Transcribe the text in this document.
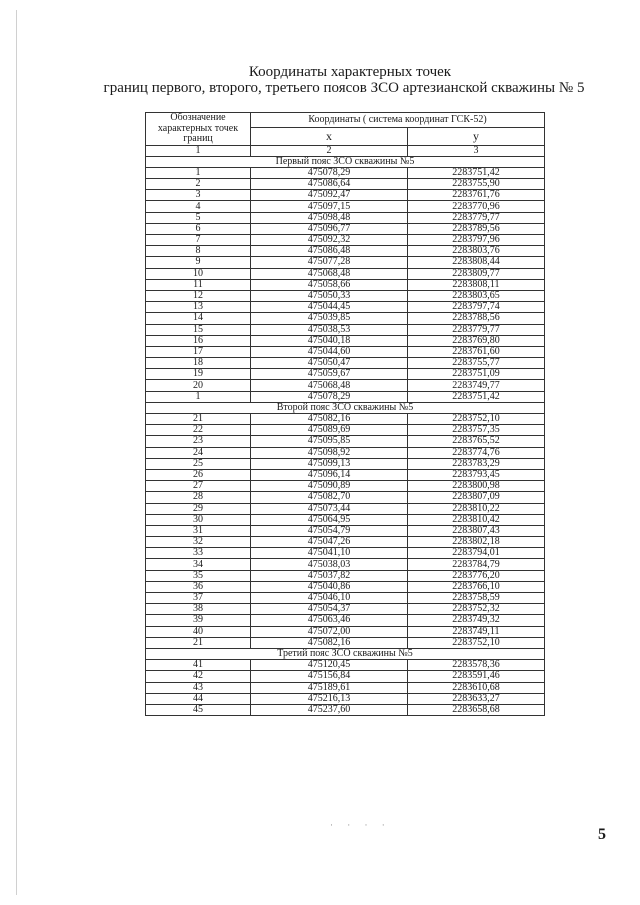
Координаты характерных точек
границ первого, второго, третьего поясов ЗСО артезианской скважины № 5
Обозначение характерных точек границ	Координаты ( система координат ГСК-52)	
	x	у
1	2	3
Первый пояс ЗСО скважины №5		
1	475078,29	2283751,42
2	475086,64	2283755,90
3	475092,47	2283761,76
4	475097,15	2283770,96
5	475098,48	2283779,77
6	475096,77	2283789,56
7	475092,32	2283797,96
8	475086,48	2283803,76
9	475077,28	2283808,44
10	475068,48	2283809,77
11	475058,66	2283808,11
12	475050,33	2283803,65
13	475044,45	2283797,74
14	475039,85	2283788,56
15	475038,53	2283779,77
16	475040,18	2283769,80
17	475044,60	2283761,60
18	475050,47	2283755,77
19	475059,67	2283751,09
20	475068,48	2283749,77
1	475078,29	2283751,42
Второй пояс ЗСО скважины №5		
21	475082,16	2283752,10
22	475089,69	2283757,35
23	475095,85	2283765,52
24	475098,92	2283774,76
25	475099,13	2283783,29
26	475096,14	2283793,45
27	475090,89	2283800,98
28	475082,70	2283807,09
29	475073,44	2283810,22
30	475064,95	2283810,42
31	475054,79	2283807,43
32	475047,26	2283802,18
33	475041,10	2283794,01
34	475038,03	2283784,79
35	475037,82	2283776,20
36	475040,86	2283766,10
37	475046,10	2283758,59
38	475054,37	2283752,32
39	475063,46	2283749,32
40	475072,00	2283749,11
21	475082,16	2283752,10
Третий пояс ЗСО скважины №5		
41	475120,45	2283578,36
42	475156,84	2283591,46
43	475189,61	2283610,68
44	475216,13	2283633,27
45	475237,60	2283658,68
· · · ·
5
